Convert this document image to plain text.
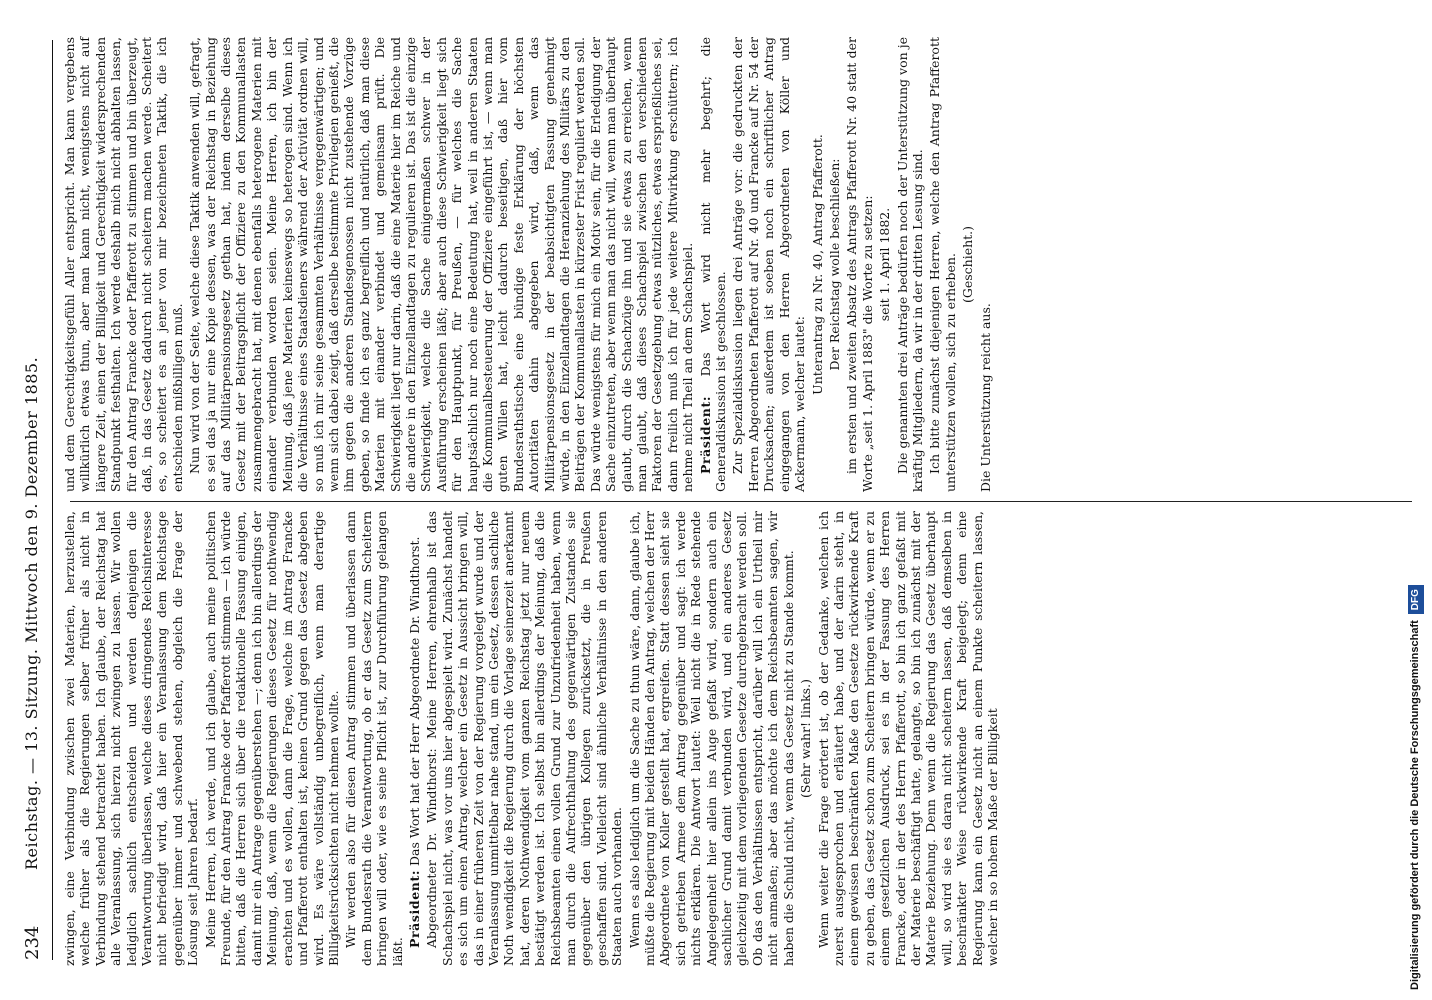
234
Reichstag. — 13. Sitzung. Mittwoch den 9. Dezember 1885. zwingen, eine Verbindung zwischen zwei Materien, herzustellen, welche früher als die Regierungen selber früher als nicht in Verbindung stehend betrachtet haben. Ich glaube, der Reichstag hat alle Veranlassung, sich hierzu nicht zwingen zu lassen. Wir wollen lediglich sachlich entscheiden und werden denjenigen die Verantwortung überlassen, welche dieses dringendes Reichsinteresse nicht befriedigt wird, daß hier ein Veranlassung dem Reichstage gegenüber immer und schwebend stehen, obgleich die Frage der Lösung seit Jahren bedarf. Meine Herren, ich werde, und ich glaube, auch meine politischen Freunde, für den Antrag Francke oder Pfafferott stimmen — ich würde bitten, daß die Herren sich über die redaktionelle Fassung einigen, damit mir ein Antrage gegenüberstehen —; denn ich bin allerdings der Meinung, daß, wenn die Regierungen dieses Gesetz für nothwendig erachten und es wollen, dann die Frage, welche im Antrag Francke und Pfafferott enthalten ist, keinen Grund gegen das Gesetz abgeben wird. Es wäre vollständig unbegreiflich, wenn man derartige Billigkeitsrücksichten nicht nehmen wollte. Wir werden also für diesen Antrag stimmen und überlassen dann dem Bundesrath die Verantwortung, ob er das Gesetz zum Scheitern bringen will oder, wie es seine Pflicht ist, zur Durchführung gelangen läßt.

Präsident: Das Wort hat der Herr Abgeordnete Dr. Windthorst. Abgeordneter Dr. Windthorst: Meine Herren, ehrenhalb ist das Schachspiel nicht, was vor uns hier abgespielt wird. Zunächst handelt es sich um einen Antrag, welcher ein Gesetz in Aussicht bringen will, das in einer früheren Zeit von der Regierung vorgelegt wurde und der Veranlassung unmittelbar nahe stand, um ein Gesetz, dessen sachliche Noth wendigkeit die Regierung durch die Vorlage seinerzeit anerkannt hat, deren Nothwendigkeit vom ganzen Reichstag jetzt nur neuem bestätigt werden ist. Ich selbst bin allerdings der Meinung, daß die Reichsbeamten einen vollen Grund zur Unzufriedenheit haben, wenn man durch die Aufrechthaltung des gegenwärtigen Zustandes sie gegenüber den übrigen Kollegen zurücksetzt, die in Preußen geschaffen sind. Vielleicht sind ähnliche Verhältnisse in den anderen Staaten auch vorhanden. Wenn es also lediglich um die Sache zu thun wäre, dann, glaube ich, müßte die Regierung mit beiden Händen den Antrag, welchen der Herr Abgeordnete von Koller gestellt hat, ergreifen. Statt dessen sieht sie sich getrieben Armee dem Antrag gegenüber und sagt: ich werde nichts erklären. Die Antwort lautet: Weil nicht die in Rede stehende Angelegenheit hier allein ins Auge gefaßt wird, sondern auch ein sachlicher Grund damit verbunden wird, und ein anderes Gesetz gleichzeitig mit dem vorliegenden Gesetze durchgebracht werden soll. Ob das den Verhältnissen entspricht, darüber will ich ein Urtheil mir nicht anmaßen; aber das möchte ich dem Reichsbeamten sagen, wir haben die Schuld nicht, wenn das Gesetz nicht zu Stande kommt. (Sehr wahr! links.) Wenn weiter die Frage erörtert ist, ob der Gedanke, welchen ich zuerst ausgesprochen und erläutert habe, und der darin steht, in einem gewissen beschränkten Maße den Gesetze rückwirkende Kraft zu geben, das Gesetz schon zum Scheitern bringen würde, wenn er zu einem gesetzlichen Ausdruck, sei es in der Fassung des Herren Francke, oder in der des Herrn Pfafferott, so bin ich ganz gefaßt mit der Materie beschäftigt hatte, gelangte, so bin ich zunächst mit der Materie Beziehung. Denn wenn die Regierung das Gesetz überhaupt will, so wird sie es daran nicht scheitern lassen, daß demselben in beschränkter Weise rückwirkende Kraft beigelegt; denn eine Regierung kann ein Gesetz nicht an einem Punkte scheitern lassen, welcher in so hohem Maße der Billigkeit

und dem Gerechtigkeitsgefühl Aller entspricht. Man kann vergebens willkürlich etwas thun, aber man kann nicht, wenigstens nicht auf längere Zeit, einen der Billigkeit und Gerechtigkeit widersprechenden Standpunkt festhalten. Ich werde deshalb mich nicht abhalten lassen, für den Antrag Francke oder Pfafferott zu stimmen und bin überzeugt, daß, in das Gesetz dadurch nicht scheitern machen werde. Scheitert es, so scheitert es an jener von mir bezeichneten Taktik, die ich entschieden mißbilligen muß. Nun wird von der Seite, welche diese Taktik anwenden will, gefragt, es sei das ja nur eine Kopie dessen, was der Reichstag in Beziehung auf das Militärpensionsgesetz gethan hat, indem derselbe dieses Gesetz mit der Beitragspflicht der Offiziere zu den Kommunallasten zusammengebracht hat, mit denen ebenfalls heterogene Materien mit einander verbunden worden seien. Meine Herren, ich bin der Meinung, daß jene Materien keineswegs so heterogen sind. Wenn ich die Verhältnisse eines Staatsdieners während der Activität ordnen will, so muß ich mir seine gesammten Verhältnisse vergegenwärtigen; und wenn sich dabei zeigt, daß derselbe bestimmte Privilegien genießt, die ihm gegen die anderen Standesgenossen nicht zustehende Vorzüge geben, so finde ich es ganz begreiflich und natürlich, daß man diese Materien mit einander verbindet und gemeinsam prüft. Die Schwierigkeit liegt nur darin, daß die eine Materie hier im Reiche und die andere in den Einzellandtagen zu regulieren ist. Das ist die einzige Schwierigkeit, welche die Sache einigermaßen schwer in der Ausführung erscheinen läßt; aber auch diese Schwierigkeit liegt sich für den Hauptpunkt, für Preußen, — für welches die Sache hauptsächlich nur noch eine Bedeutung hat, weil in anderen Staaten die Kommunalbesteuerung der Offiziere eingeführt ist, — wenn man guten Willen hat, leicht dadurch beseitigen, daß hier vom Bundesrathstische eine bündige feste Erklärung der höchsten Autoritäten dahin abgegeben wird, daß, wenn das Militärpensionsgesetz in der beabsichtigten Fassung genehmigt würde, in den Einzellandtagen die Heranziehung des Militärs zu den Beiträgen der Kommunallasten in kürzester Frist reguliert werden soll. Das würde wenigstens für mich ein Motiv sein, für die Erledigung der Sache einzutreten, aber wenn man das nicht will, wenn man überhaupt glaubt, durch die Schachzüge ihn und sie etwas zu erreichen, wenn man glaubt, daß dieses Schachspiel zwischen den verschiedenen Faktoren der Gesetzgebung etwas nützliches, etwas ersprießliches sei, dann freilich muß ich für jede weitere Mitwirkung erschüttern; ich nehme nicht Theil an dem Schachspiel. Präsident: Das Wort wird nicht mehr begehrt; die Generaldiskussion ist geschlossen. Zur Spezialdiskussion liegen drei Anträge vor: die gedruckten der Herren Abgeordneten Pfafferott auf Nr. 40 und Francke auf Nr. 54 der Drucksachen; außerdem ist soeben noch ein schriftlicher Antrag eingegangen von den Herren Abgeordneten von Köller und Ackermann, welcher lautet:

Unterantrag zu Nr. 40, Antrag Pfafferott. Der Reichstag wolle beschließen: im ersten und zweiten Absatz des Antrags Pfafferott Nr. 40 statt der Worte „seit 1. April 1883" die Worte zu setzen: seit 1. April 1882. Die genannten drei Anträge bedürfen noch der Unterstützung von je kräftig Mitgliedern, da wir in der dritten Lesung sind. Ich bitte zunächst diejenigen Herren, welche den Antrag Pfafferott unterstützen wollen, sich zu erheben. (Geschieht.)

Die Unterstützung reicht aus.

Digitalisierung gefördert durch die Deutsche ForschungsgemeinschaftDFG
